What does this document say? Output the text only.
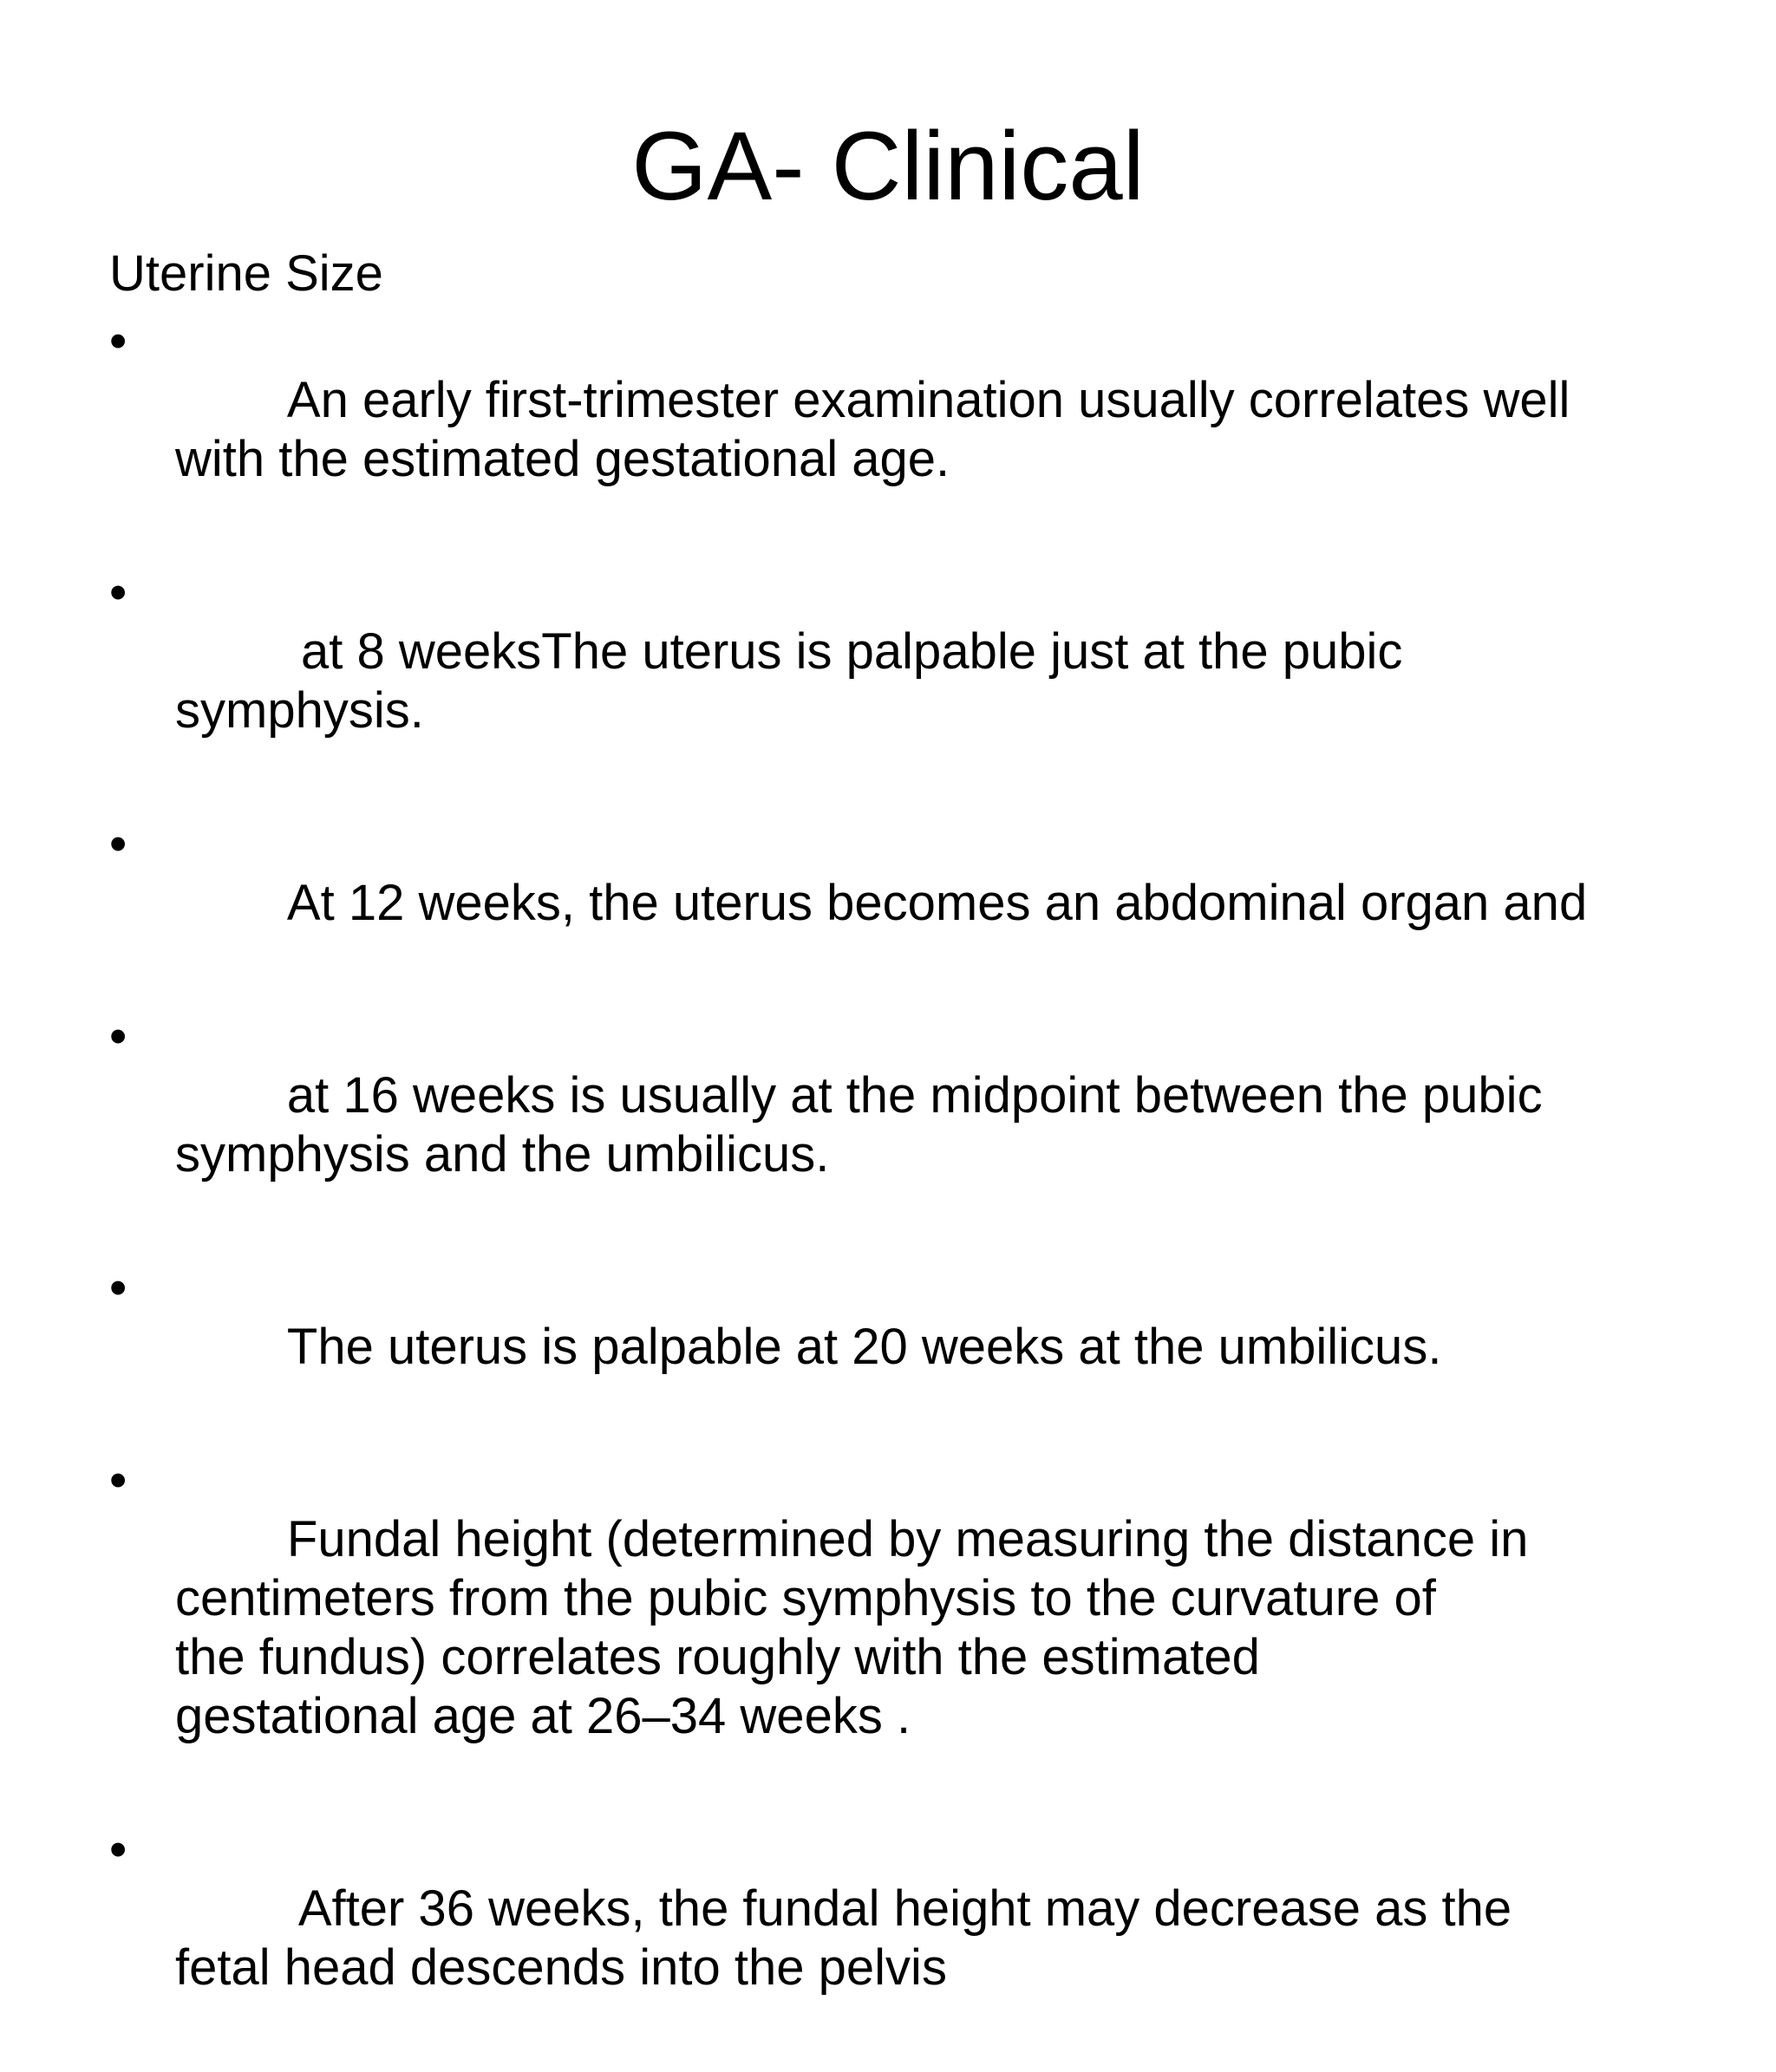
GA- Clinical
Uterine Size

•
An early first-trimester examination usually correlates well
with the estimated gestational age.

•
at 8 weeksThe uterus is palpable just at the pubic
symphysis.

•
At 12 weeks, the uterus becomes an abdominal organ and

•
at 16 weeks is usually at the midpoint between the pubic
symphysis and the umbilicus.

•
The uterus is palpable at 20 weeks at the umbilicus.

•
Fundal height (determined by measuring the distance in
centimeters from the pubic symphysis to the curvature of
the fundus) correlates roughly with the estimated
gestational age at 26–34 weeks .

•
After 36 weeks, the fundal height may decrease as the
fetal head descends into the pelvis
